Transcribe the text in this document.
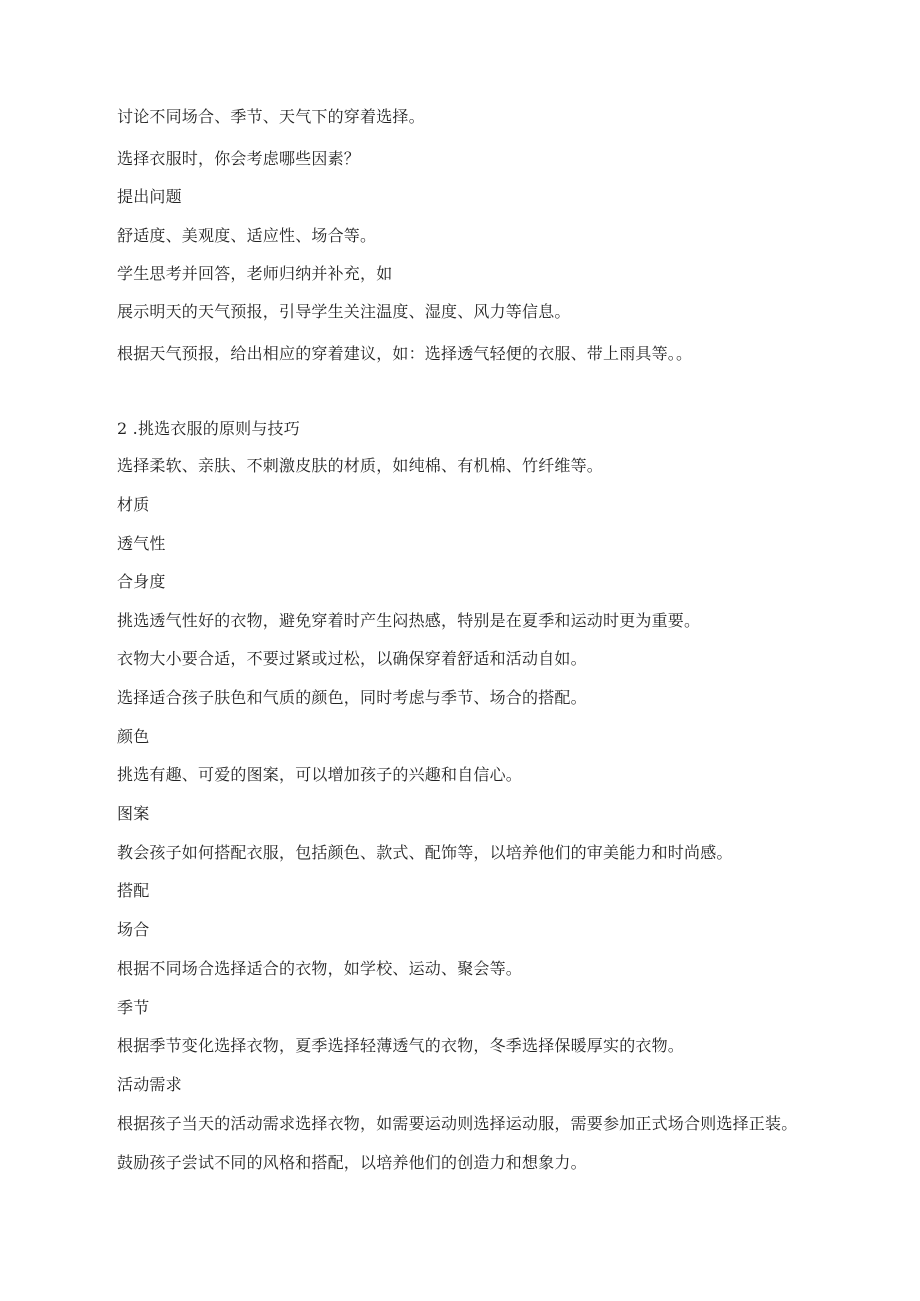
讨论不同场合、季节、天气下的穿着选择。
选择衣服时，你会考虑哪些因素？
提出问题
舒适度、美观度、适应性、场合等。
学生思考并回答，老师归纳并补充，如
展示明天的天气预报，引导学生关注温度、湿度、风力等信息。
根据天气预报，给出相应的穿着建议，如：选择透气轻便的衣服、带上雨具等。。
2 .挑选衣服的原则与技巧
选择柔软、亲肤、不刺激皮肤的材质，如纯棉、有机棉、竹纤维等。
材质
透气性
合身度
挑选透气性好的衣物，避免穿着时产生闷热感，特别是在夏季和运动时更为重要。
衣物大小要合适，不要过紧或过松，以确保穿着舒适和活动自如。
选择适合孩子肤色和气质的颜色，同时考虑与季节、场合的搭配。
颜色
挑选有趣、可爱的图案，可以增加孩子的兴趣和自信心。
图案
教会孩子如何搭配衣服，包括颜色、款式、配饰等，以培养他们的审美能力和时尚感。
搭配
场合
根据不同场合选择适合的衣物，如学校、运动、聚会等。
季节
根据季节变化选择衣物，夏季选择轻薄透气的衣物，冬季选择保暖厚实的衣物。
活动需求
根据孩子当天的活动需求选择衣物，如需要运动则选择运动服，需要参加正式场合则选择正装。
鼓励孩子尝试不同的风格和搭配，以培养他们的创造力和想象力。
